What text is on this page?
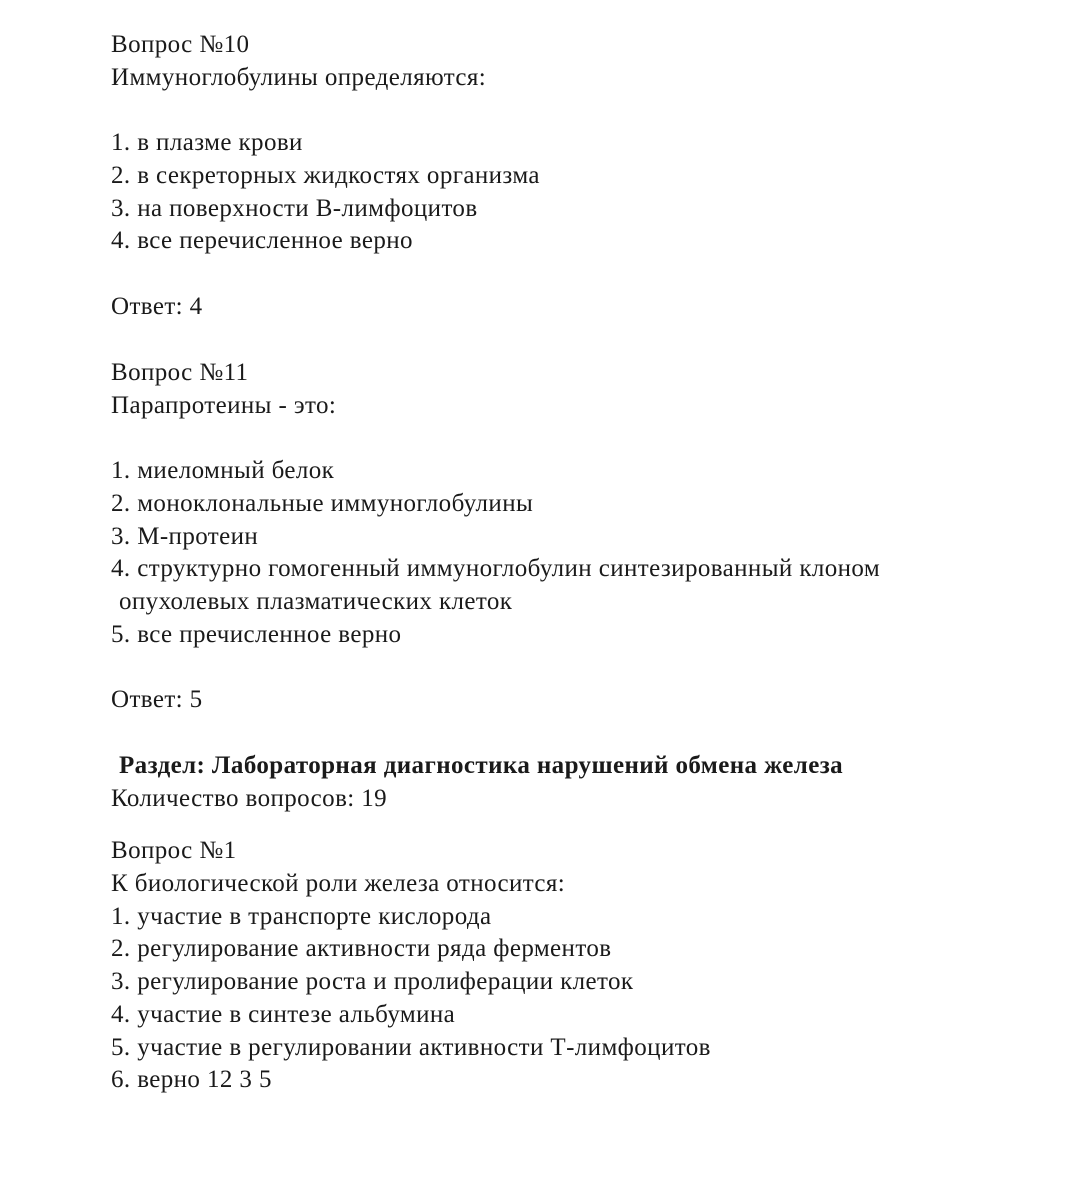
Вопрос №10
Иммуноглобулины определяются:
1. в плазме крови
2. в секреторных жидкостях организма
3. на поверхности В-лимфоцитов
4. все перечисленное верно
Ответ: 4
Вопрос №11
Парапротеины - это:
1. миеломный белок
2. моноклональные иммуноглобулины
3. М-протеин
4. структурно гомогенный иммуноглобулин синтезированный клоном
опухолевых плазматических клеток
5. все пречисленное верно
Ответ: 5
Раздел: Лабораторная диагностика нарушений обмена железа
Количество вопросов: 19
Вопрос №1
К биологической роли железа относится:
1. участие в транспорте кислорода
2. регулирование активности ряда ферментов
3. регулирование роста и пролиферации клеток
4. участие в синтезе альбумина
5. участие в регулировании активности Т-лимфоцитов
6. верно 12 3 5
